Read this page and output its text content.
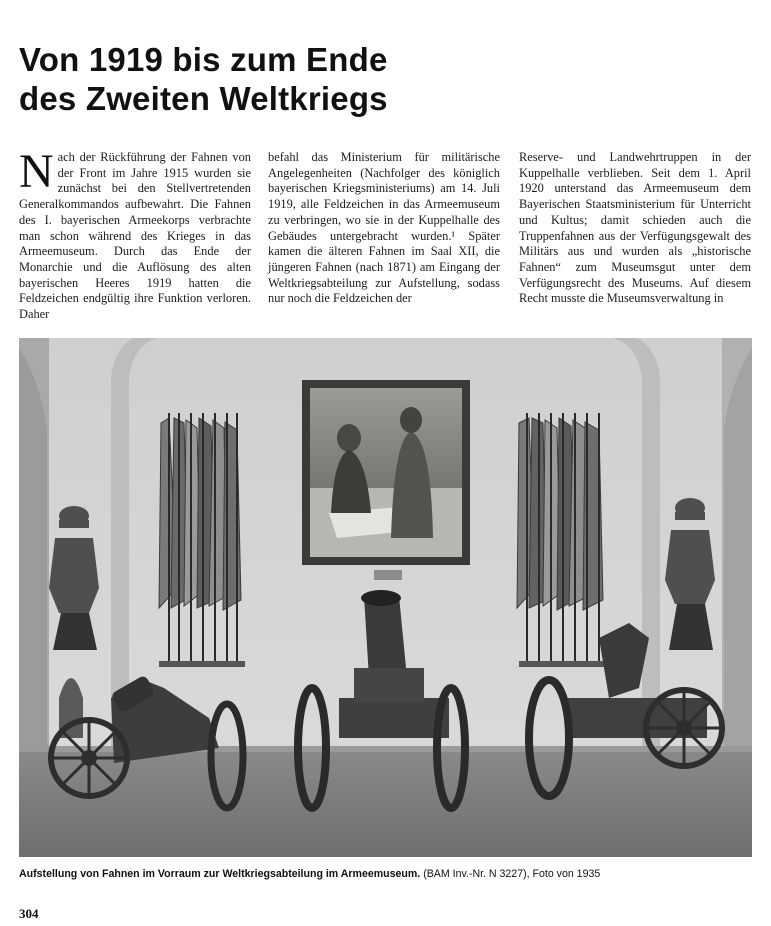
Von 1919 bis zum Ende
des Zweiten Weltkriegs

Nach der Rückführung der Fahnen von der Front im Jahre 1915 wurden sie zunächst bei den Stellvertretenden Generalkommandos aufbewahrt. Die Fahnen des I. bayerischen Armeekorps verbrachte man schon während des Krieges in das Armeemuseum. Durch das Ende der Monarchie und die Auflösung des alten bayerischen Heeres 1919 hatten die Feldzeichen endgültig ihre Funktion verloren. Daher

befahl das Ministerium für militärische Angelegenheiten (Nachfolger des königlich bayerischen Kriegsministeriums) am 14. Juli 1919, alle Feldzeichen in das Armeemuseum zu verbringen, wo sie in der Kuppelhalle des Gebäudes untergebracht wurden.¹ Später kamen die älteren Fahnen im Saal XII, die jüngeren Fahnen (nach 1871) am Eingang der Weltkriegsabteilung zur Aufstellung, sodass nur noch die Feldzeichen der

Reserve- und Landwehrtruppen in der Kuppelhalle verblieben. Seit dem 1. April 1920 unterstand das Armeemuseum dem Bayerischen Staatsministerium für Unterricht und Kultus; damit schieden auch die Truppenfahnen aus der Verfügungsgewalt des Militärs aus und wurden als „historische Fahnen“ zum Museumsgut unter dem Verfügungsrecht des Museums. Auf diesem Recht musste die Museumsverwaltung in

Aufstellung von Fahnen im Vorraum zur Weltkriegsabteilung im Armeemuseum. (BAM Inv.-Nr. N 3227), Foto von 1935
304
